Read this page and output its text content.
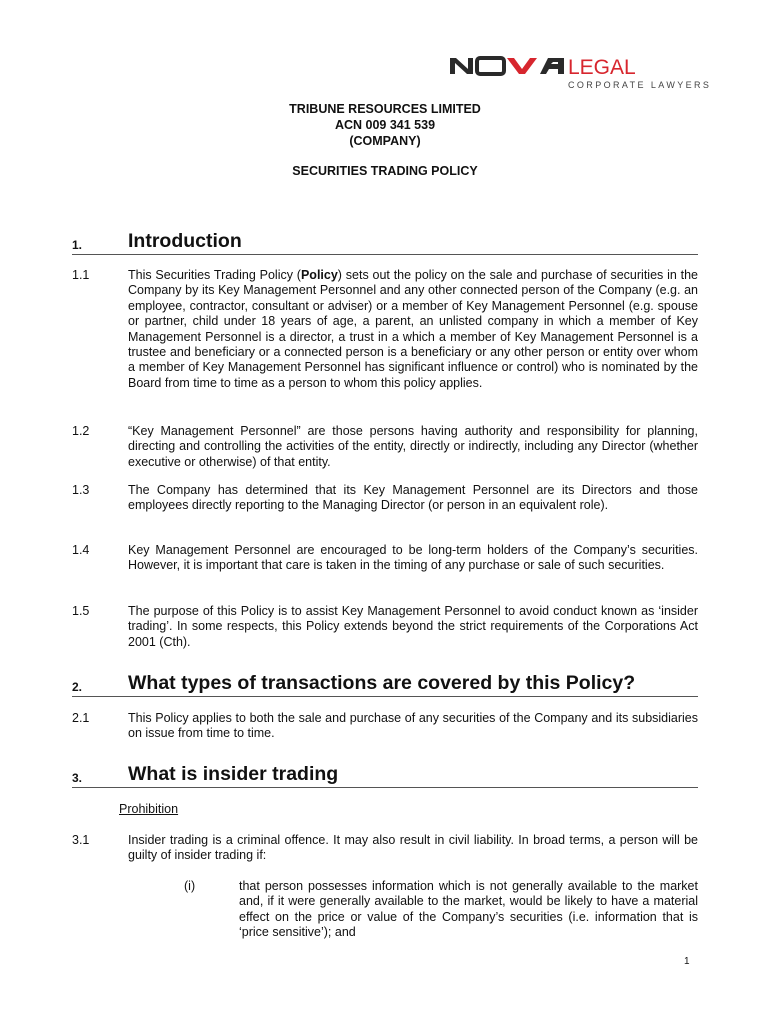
LEGAL
CORPORATE LAWYERS
TRIBUNE RESOURCES LIMITED
ACN 009 341 539
(COMPANY)
SECURITIES TRADING POLICY
1. Introduction
1.1	This Securities Trading Policy (Policy) sets out the policy on the sale and purchase of securities in the Company by its Key Management Personnel and any other connected person of the Company (e.g. an employee, contractor, consultant or adviser) or a member of Key Management Personnel (e.g. spouse or partner, child under 18 years of age, a parent, an unlisted company in which a member of Key Management Personnel is a director, a trust in a which a member of Key Management Personnel is a trustee and beneficiary or a connected person is a beneficiary or any other person or entity over whom a member of Key Management Personnel has significant influence or control) who is nominated by the Board from time to time as a person to whom this policy applies.
1.2	“Key Management Personnel” are those persons having authority and responsibility for planning, directing and controlling the activities of the entity, directly or indirectly, including any Director (whether executive or otherwise) of that entity.
1.3	The Company has determined that its Key Management Personnel are its Directors and those employees directly reporting to the Managing Director (or person in an equivalent role).
1.4	Key Management Personnel are encouraged to be long-term holders of the Company’s securities. However, it is important that care is taken in the timing of any purchase or sale of such securities.
1.5	The purpose of this Policy is to assist Key Management Personnel to avoid conduct known as ‘insider trading’. In some respects, this Policy extends beyond the strict requirements of the Corporations Act 2001 (Cth).
2. What types of transactions are covered by this Policy?
2.1	This Policy applies to both the sale and purchase of any securities of the Company and its subsidiaries on issue from time to time.
3. What is insider trading
Prohibition
3.1	Insider trading is a criminal offence. It may also result in civil liability. In broad terms, a person will be guilty of insider trading if:
(i)	that person possesses information which is not generally available to the market and, if it were generally available to the market, would be likely to have a material effect on the price or value of the Company’s securities (i.e. information that is ‘price sensitive’); and
1
